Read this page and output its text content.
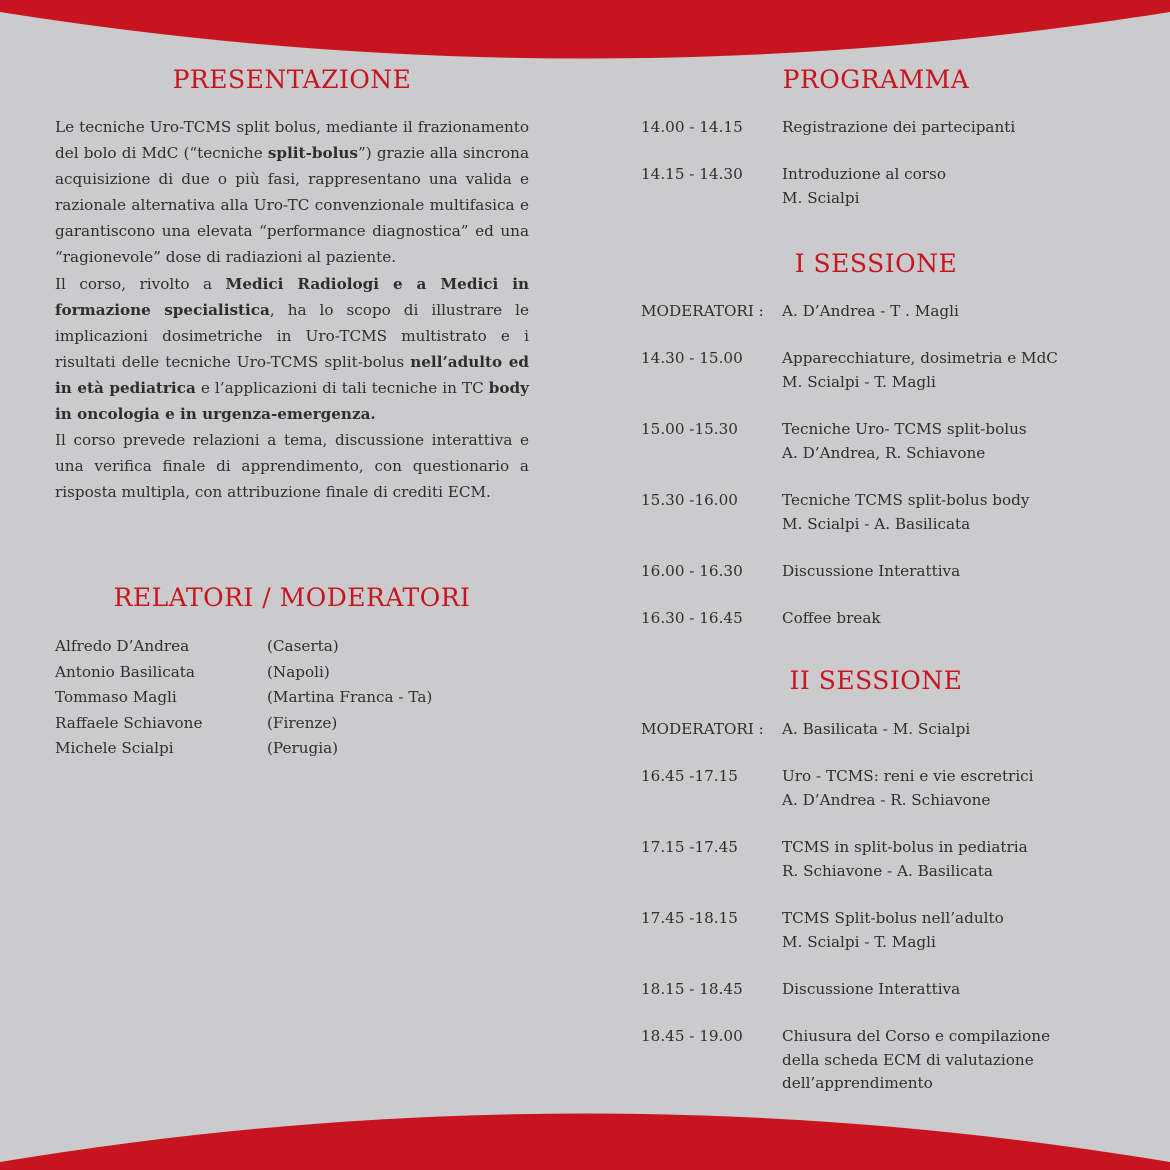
PRESENTAZIONE

Le tecniche Uro-TCMS split bolus, mediante il frazionamento del bolo di MdC (“tecniche split-bolus”) grazie alla sincrona acquisizione di due o più fasi, rappresentano una valida e razionale alternativa alla Uro-TC convenzionale multifasica e garantiscono una elevata “performance diagnostica” ed una “ragionevole” dose di radiazioni al paziente.

Il corso, rivolto a Medici Radiologi e a Medici in formazione specialistica, ha lo scopo di illustrare le implicazioni dosimetriche in Uro-TCMS multistrato e i risultati delle tecniche Uro-TCMS split-bolus nell’adulto ed in età pediatrica e l’applicazioni di tali tecniche in TC body in oncologia e in urgenza-emergenza.

Il corso prevede relazioni a tema, discussione interattiva e una verifica finale di apprendimento, con questionario a risposta multipla, con attribuzione finale di crediti ECM.

RELATORI / MODERATORI
Alfredo D’Andrea	(Caserta)
Antonio Basilicata	(Napoli)
Tommaso Magli	(Martina Franca - Ta)
Raffaele Schiavone	(Firenze)
Michele Scialpi	(Perugia)
PROGRAMMA
I SESSIONE
II SESSIONE
14.00 - 14.15	Registrazione dei partecipanti
14.15 - 14.30	Introduzione al corso
M. Scialpi
MODERATORI : A. D’Andrea - T . Magli
14.30 - 15.00	Apparecchiature, dosimetria e MdC
M. Scialpi - T. Magli
15.00 -15.30	Tecniche Uro- TCMS split-bolus
A. D’Andrea, R. Schiavone
15.30 -16.00	Tecniche TCMS split-bolus body
M. Scialpi - A. Basilicata
16.00 - 16.30	Discussione Interattiva
16.30 - 16.45	Coffee break
MODERATORI : A. Basilicata - M. Scialpi
16.45 -17.15	Uro - TCMS: reni e vie escretrici
A. D’Andrea - R. Schiavone
17.15 -17.45	TCMS in split-bolus in pediatria
R. Schiavone - A. Basilicata
17.45 -18.15	TCMS Split-bolus nell’adulto
M. Scialpi - T. Magli
18.15 - 18.45	Discussione Interattiva
18.45 - 19.00	Chiusura del Corso e compilazione
della scheda ECM di valutazione
dell’apprendimento
